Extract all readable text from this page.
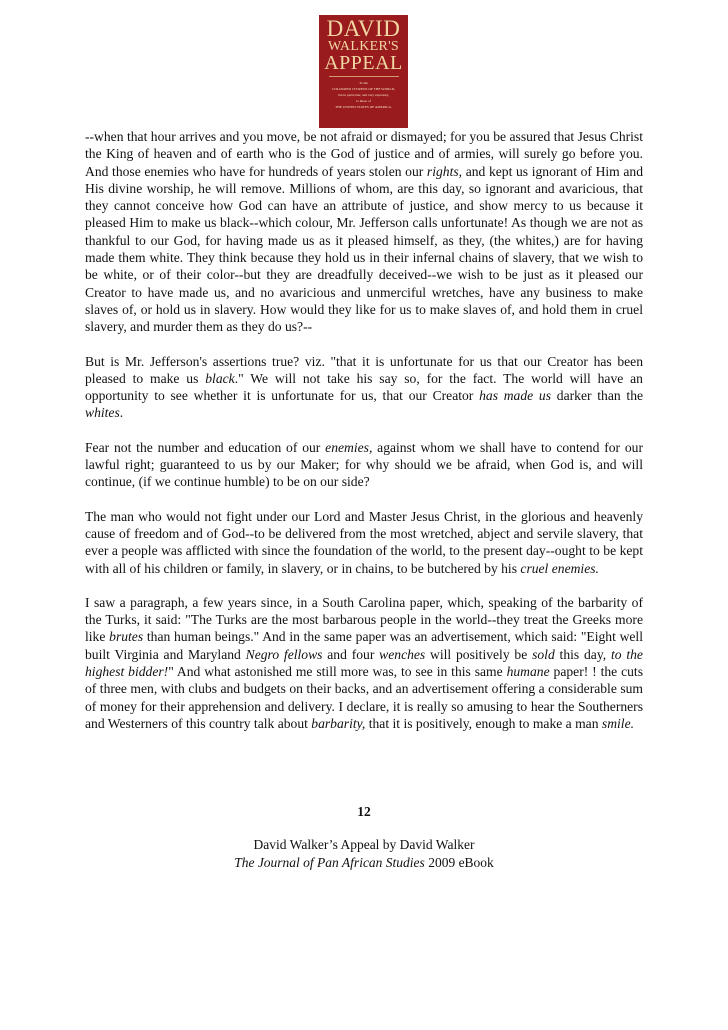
DAVID
WALKER'S
APPEAL
To the
COLOURED CITIZENS OF THE WORLD,
but in particular, and very expressly,
to those of
THE UNITED STATES OF AMERICA.

--when that hour arrives and you move, be not afraid or dismayed; for you be assured that Jesus Christ the King of heaven and of earth who is the God of justice and of armies, will surely go before you. And those enemies who have for hundreds of years stolen our rights, and kept us ignorant of Him and His divine worship, he will remove. Millions of whom, are this day, so ignorant and avaricious, that they cannot conceive how God can have an attribute of justice, and show mercy to us because it pleased Him to make us black--which colour, Mr. Jefferson calls unfortunate! As though we are not as thankful to our God, for having made us as it pleased himself, as they, (the whites,) are for having made them white. They think because they hold us in their infernal chains of slavery, that we wish to be white, or of their color--but they are dreadfully deceived--we wish to be just as it pleased our Creator to have made us, and no avaricious and unmerciful wretches, have any business to make slaves of, or hold us in slavery. How would they like for us to make slaves of, and hold them in cruel slavery, and murder them as they do us?--

But is Mr. Jefferson's assertions true? viz. "that it is unfortunate for us that our Creator has been pleased to make us black." We will not take his say so, for the fact. The world will have an opportunity to see whether it is unfortunate for us, that our Creator has made us darker than the whites.

Fear not the number and education of our enemies, against whom we shall have to contend for our lawful right; guaranteed to us by our Maker; for why should we be afraid, when God is, and will continue, (if we continue humble) to be on our side?

The man who would not fight under our Lord and Master Jesus Christ, in the glorious and heavenly cause of freedom and of God--to be delivered from the most wretched, abject and servile slavery, that ever a people was afflicted with since the foundation of the world, to the present day--ought to be kept with all of his children or family, in slavery, or in chains, to be butchered by his cruel enemies.

I saw a paragraph, a few years since, in a South Carolina paper, which, speaking of the barbarity of the Turks, it said: "The Turks are the most barbarous people in the world--they treat the Greeks more like brutes than human beings." And in the same paper was an advertisement, which said: "Eight well built Virginia and Maryland Negro fellows and four wenches will positively be sold this day, to the highest bidder!" And what astonished me still more was, to see in this same humane paper! ! the cuts of three men, with clubs and budgets on their backs, and an advertisement offering a considerable sum of money for their apprehension and delivery. I declare, it is really so amusing to hear the Southerners and Westerners of this country talk about barbarity, that it is positively, enough to make a man smile.

12
David Walker’s Appeal by David Walker
The Journal of Pan African Studies 2009 eBook
